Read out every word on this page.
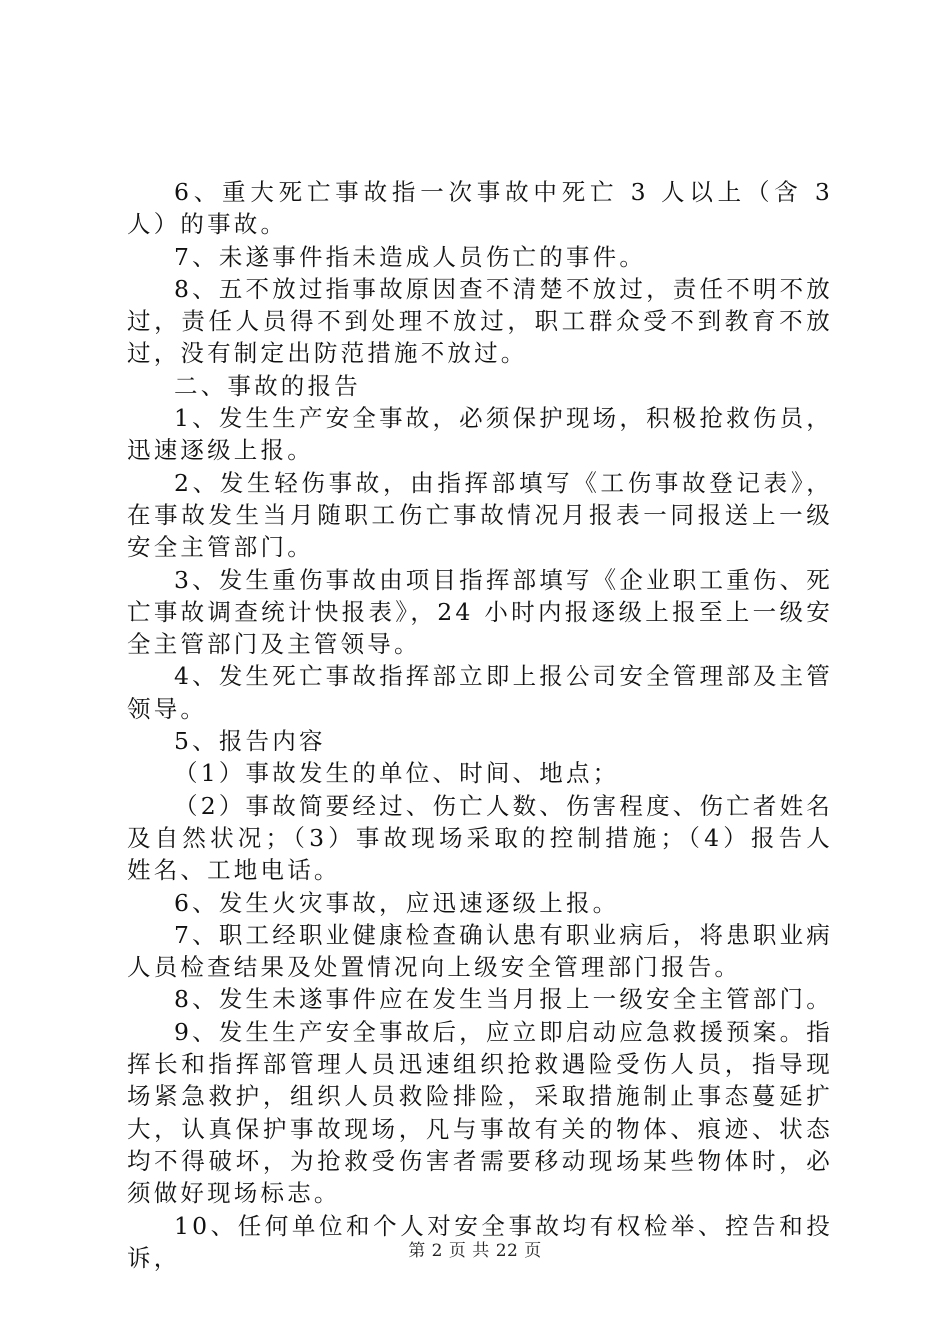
6、重大死亡事故指一次事故中死亡 3 人以上（含 3 人）的事故。

7、未遂事件指未造成人员伤亡的事件。

8、五不放过指事故原因查不清楚不放过，责任不明不放过，责任人员得不到处理不放过，职工群众受不到教育不放过，没有制定出防范措施不放过。

二、事故的报告

1、发生生产安全事故，必须保护现场，积极抢救伤员，迅速逐级上报。

2、发生轻伤事故，由指挥部填写《工伤事故登记表》，在事故发生当月随职工伤亡事故情况月报表一同报送上一级安全主管部门。

3、发生重伤事故由项目指挥部填写《企业职工重伤、死亡事故调查统计快报表》，24 小时内报逐级上报至上一级安全主管部门及主管领导。

4、发生死亡事故指挥部立即上报公司安全管理部及主管领导。

5、报告内容

（1）事故发生的单位、时间、地点；

（2）事故简要经过、伤亡人数、伤害程度、伤亡者姓名及自然状况；（3）事故现场采取的控制措施；（4）报告人姓名、工地电话。

6、发生火灾事故，应迅速逐级上报。

7、职工经职业健康检查确认患有职业病后，将患职业病人员检查结果及处置情况向上级安全管理部门报告。

8、发生未遂事件应在发生当月报上一级安全主管部门。

9、发生生产安全事故后，应立即启动应急救援预案。指挥长和指挥部管理人员迅速组织抢救遇险受伤人员，指导现场紧急救护，组织人员救险排险，采取措施制止事态蔓延扩大，认真保护事故现场，凡与事故有关的物体、痕迹、状态均不得破坏，为抢救受伤害者需要移动现场某些物体时，必须做好现场标志。

10、任何单位和个人对安全事故均有权检举、控告和投诉，	第 2 页 共 22 页
